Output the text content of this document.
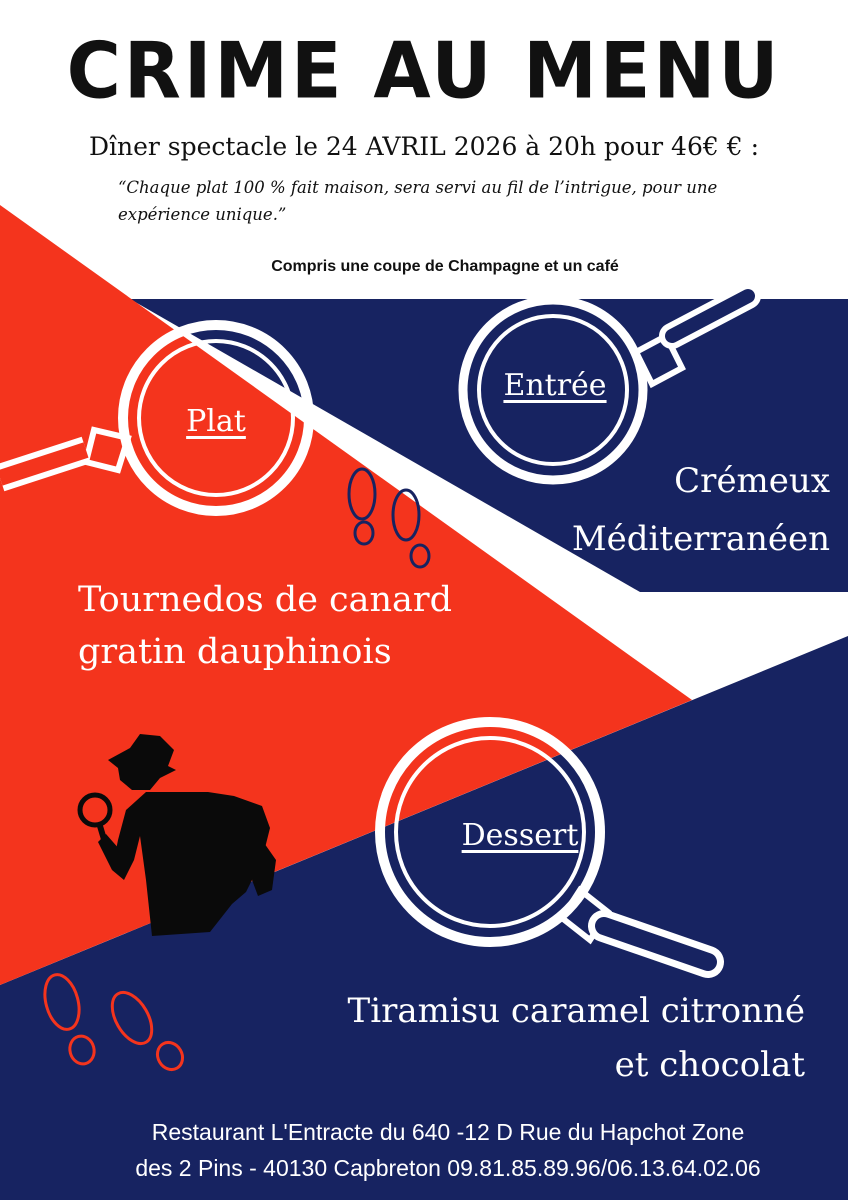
CRIME AU MENU

Dîner spectacle le 24 AVRIL 2026 à 20h pour 46€ € :

“Chaque plat 100 % fait maison, sera servi au fil de l’intrigue, pour une expérience unique.”

Compris une coupe de Champagne et un café

Plat
Entrée
Dessert
Crémeux
Méditerranéen
Tournedos de canard
gratin dauphinois
Tiramisu caramel citronné
et chocolat
Restaurant L'Entracte du 640 -12 D Rue du Hapchot Zone
des 2 Pins - 40130 Capbreton 09.81.85.89.96/06.13.64.02.06
